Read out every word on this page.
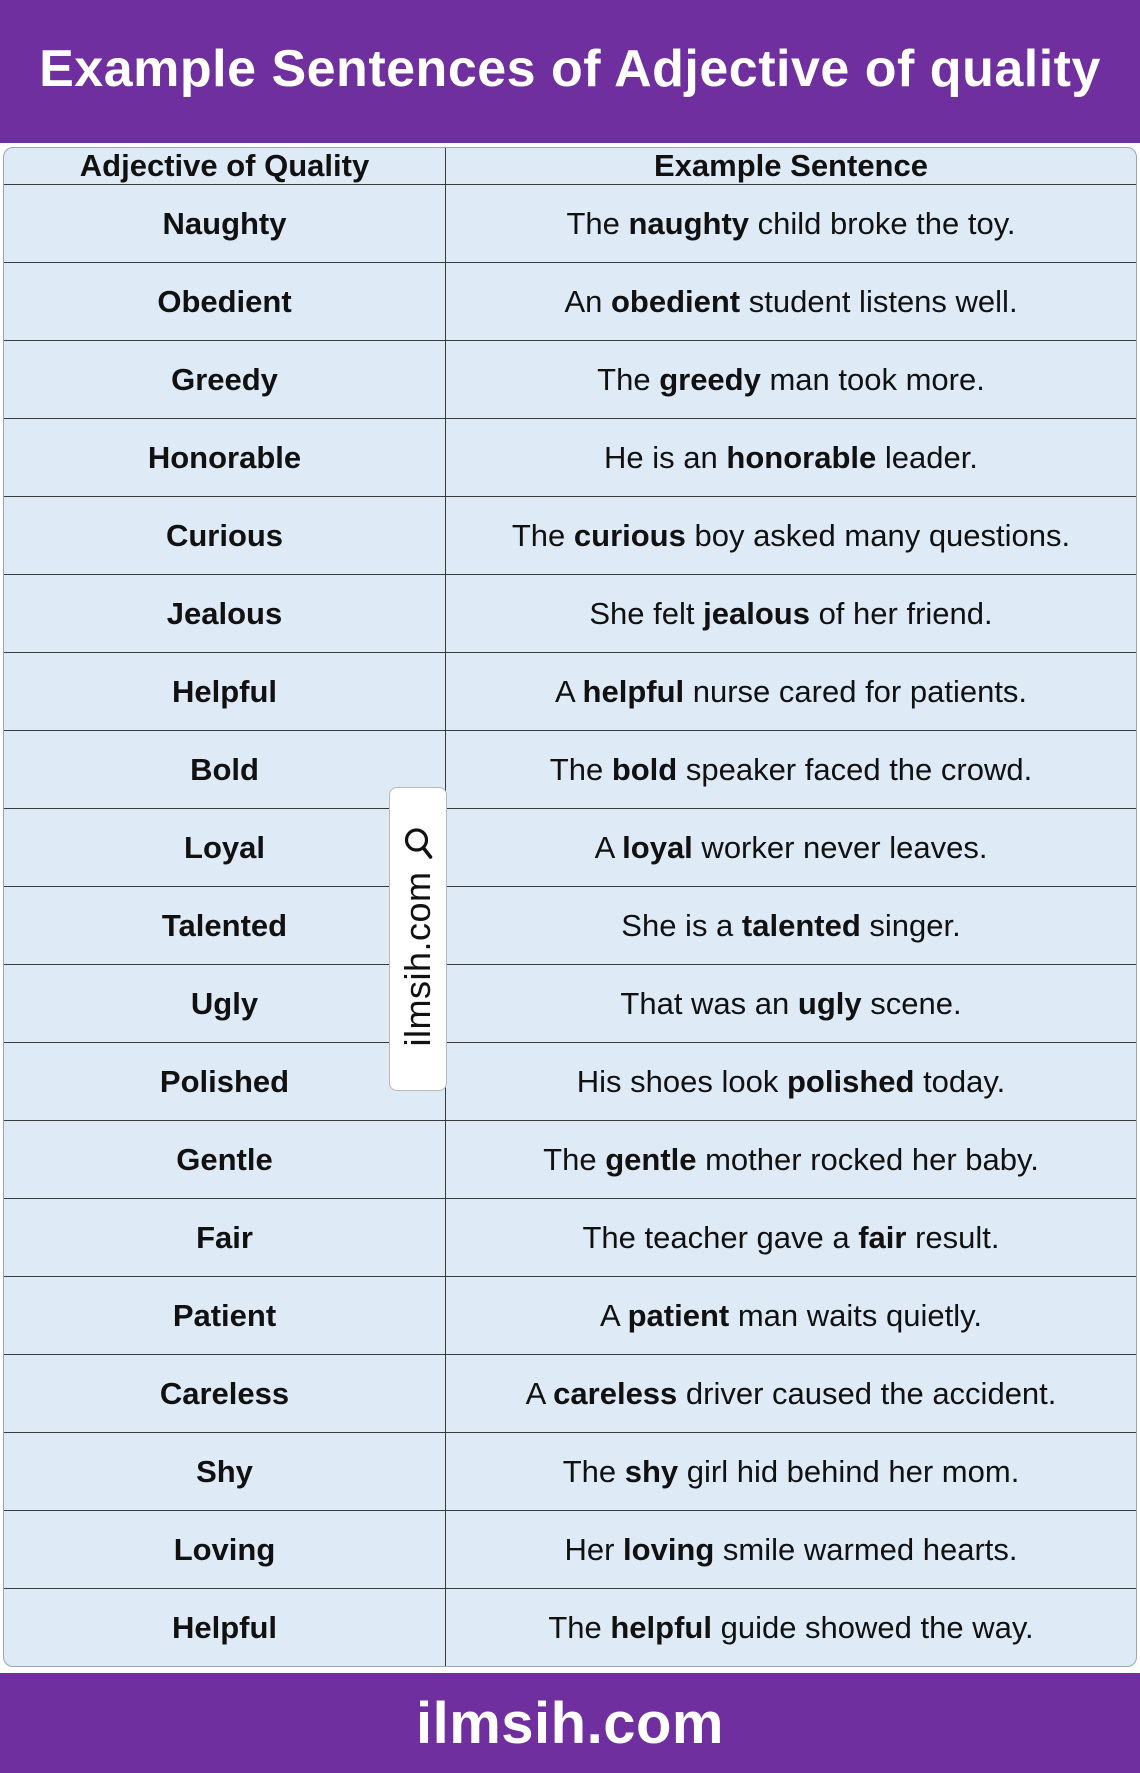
Example Sentences of Adjective of quality
Adjective of Quality	Example Sentence
Naughty	The naughty child broke the toy.
Obedient	An obedient student listens well.
Greedy	The greedy man took more.
Honorable	He is an honorable leader.
Curious	The curious boy asked many questions.
Jealous	She felt jealous of her friend.
Helpful	A helpful nurse cared for patients.
Bold	The bold speaker faced the crowd.
Loyal	A loyal worker never leaves.
Talented	She is a talented singer.
Ugly	That was an ugly scene.
Polished	His shoes look polished today.
Gentle	The gentle mother rocked her baby.
Fair	The teacher gave a fair result.
Patient	A patient man waits quietly.
Careless	A careless driver caused the accident.
Shy	The shy girl hid behind her mom.
Loving	Her loving smile warmed hearts.
Helpful	The helpful guide showed the way.
ilmsih.com
ilmsih.com
